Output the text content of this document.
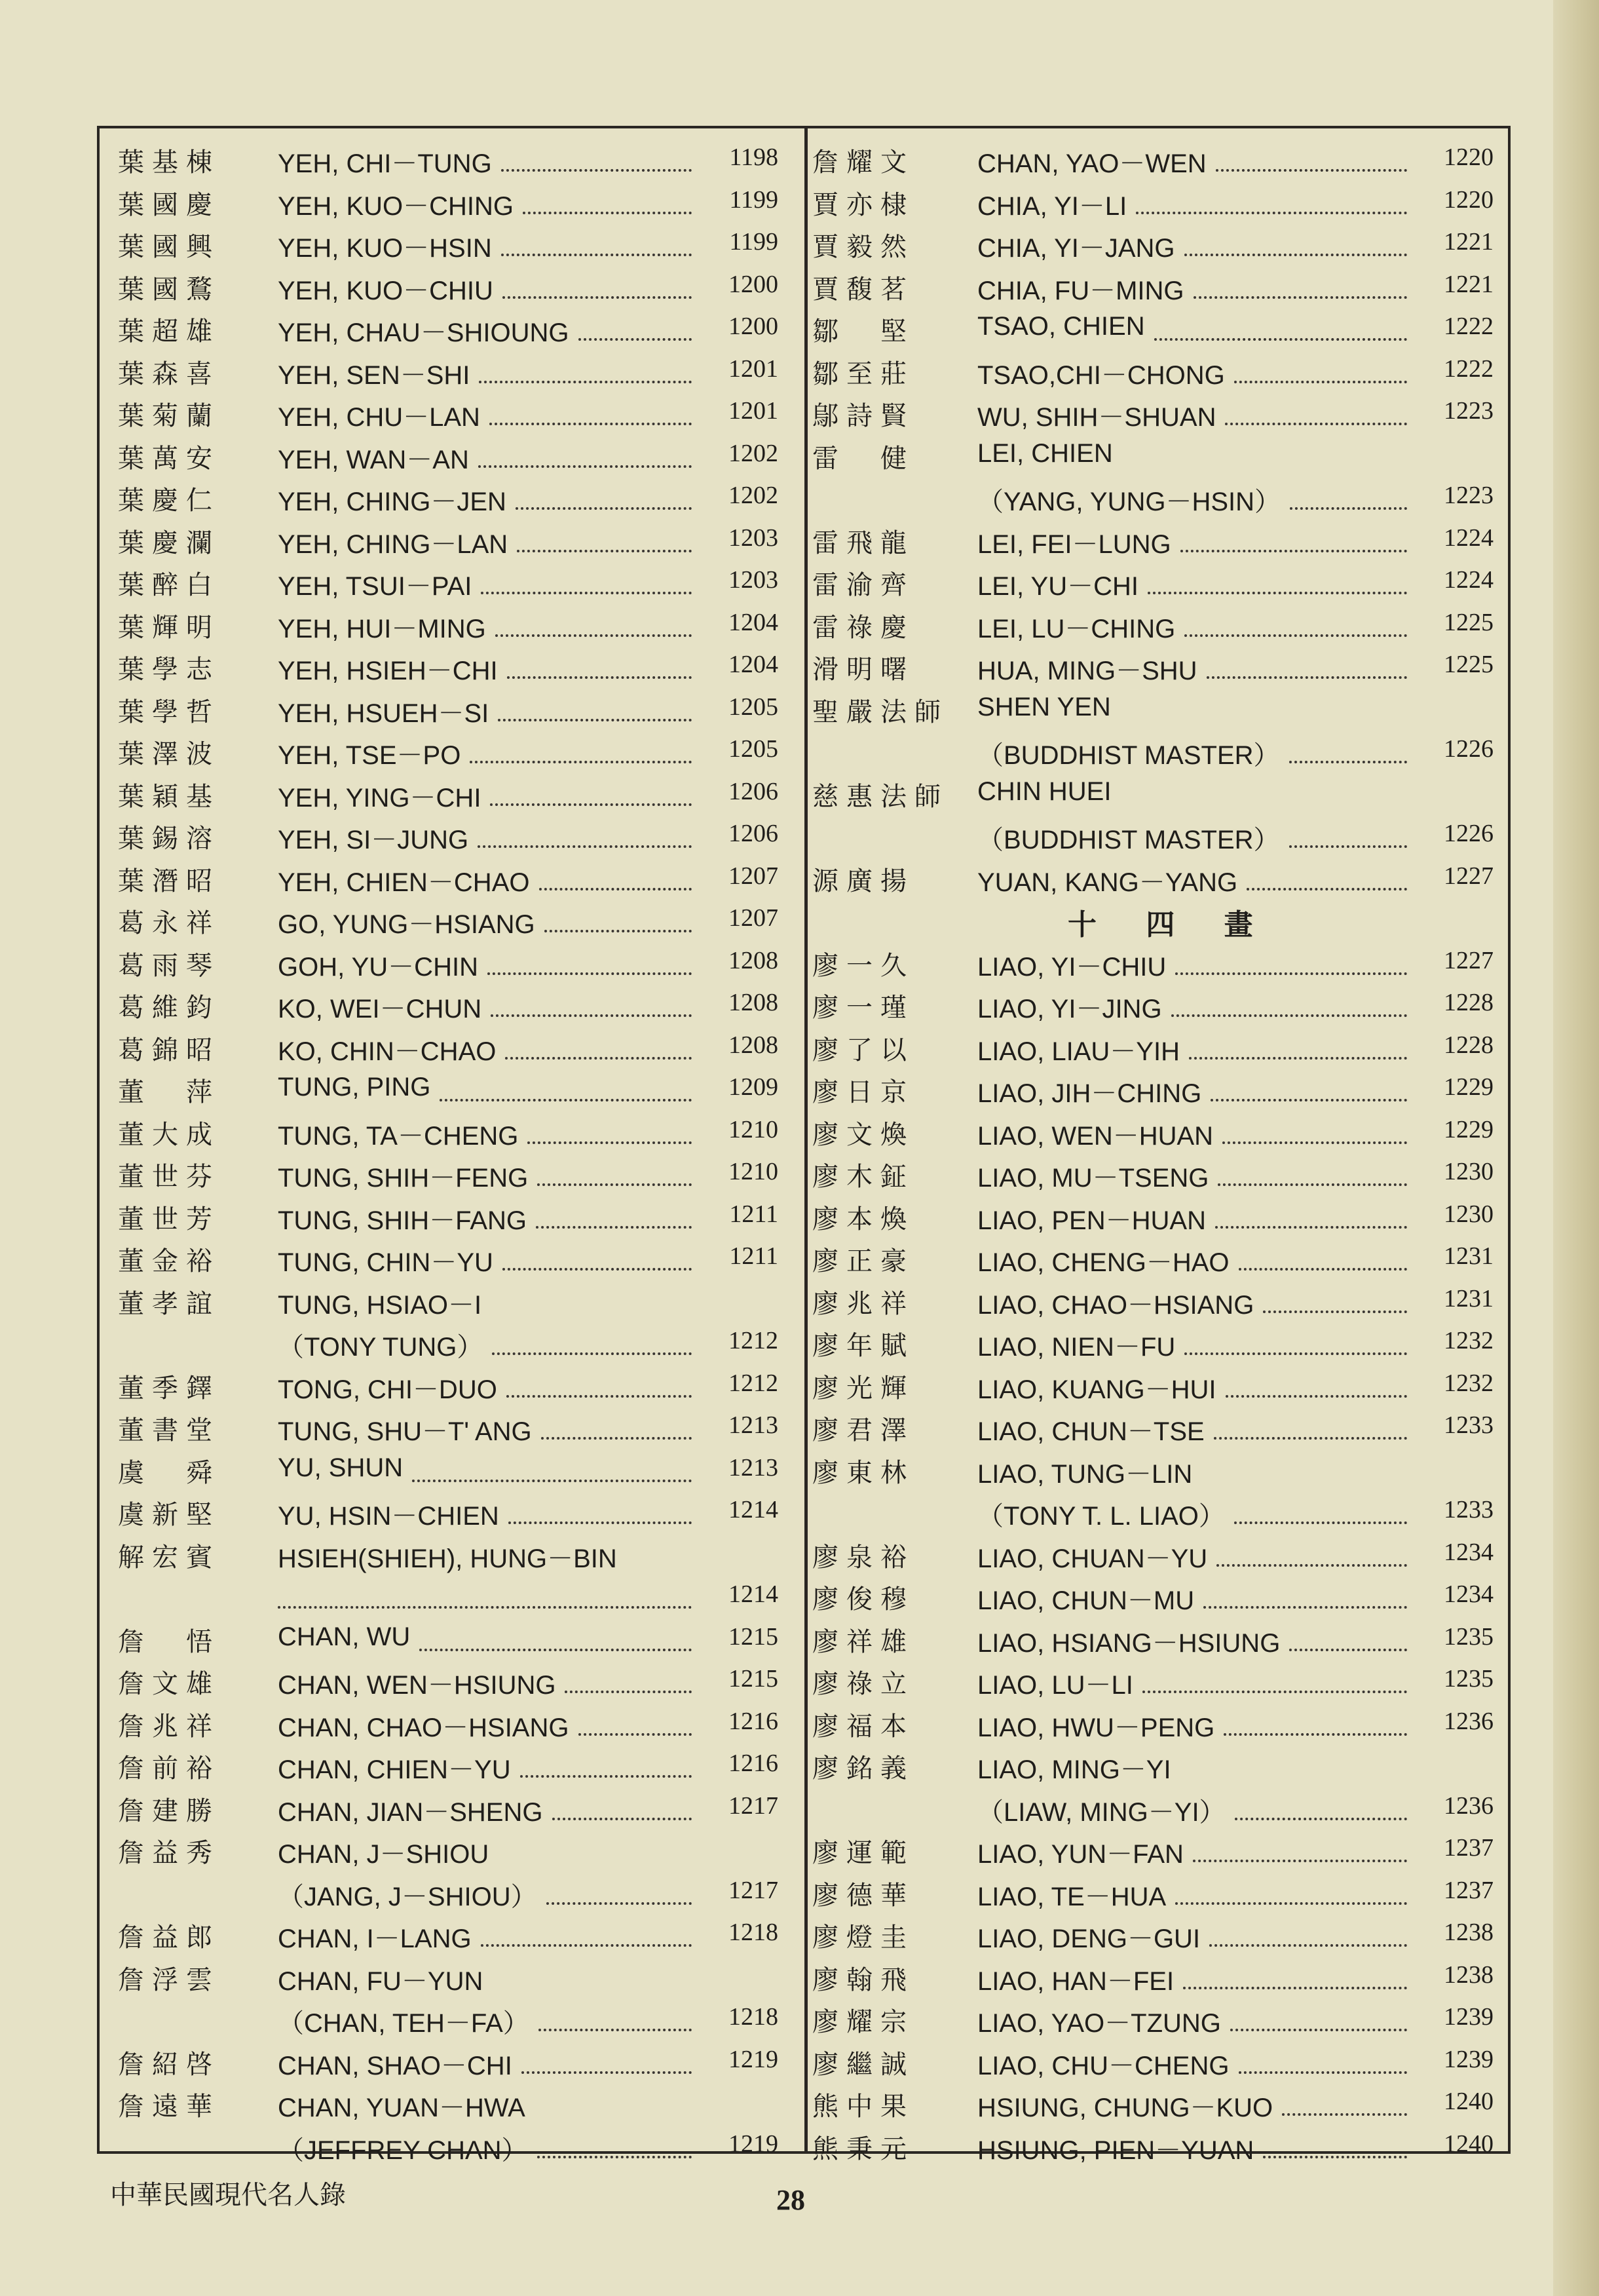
葉基棟 YEH, CHI－TUNG	1198
葉國慶 YEH, KUO－CHING	1199
葉國興 YEH, KUO－HSIN	1199
葉國鶩 YEH, KUO－CHIU	1200
葉超雄 YEH, CHAU－SHIOUNG	1200
葉森喜 YEH, SEN－SHI	1201
葉菊蘭 YEH, CHU－LAN	1201
葉萬安 YEH, WAN－AN	1202
葉慶仁 YEH, CHING－JEN	1202
葉慶瀾 YEH, CHING－LAN	1203
葉醉白 YEH, TSUI－PAI	1203
葉輝明 YEH, HUI－MING	1204
葉學志 YEH, HSIEH－CHI	1204
葉學哲 YEH, HSUEH－SI	1205
葉澤波 YEH, TSE－PO	1205
葉穎基 YEH, YING－CHI	1206
葉錫溶 YEH, SI－JUNG	1206
葉潛昭 YEH, CHIEN－CHAO	1207
葛永祥 GO, YUNG－HSIANG	1207
葛雨琴 GOH, YU－CHIN	1208
葛維鈞 KO, WEI－CHUN	1208
葛錦昭 KO, CHIN－CHAO	1208
董　萍 TUNG, PING	1209
董大成 TUNG, TA－CHENG	1210
董世芬 TUNG, SHIH－FENG	1210
董世芳 TUNG, SHIH－FANG	1211
董金裕 TUNG, CHIN－YU	1211
董孝誼 TUNG, HSIAO－I
（TONY TUNG）	1212
董季鐸 TONG, CHI－DUO	1212
董書堂 TUNG, SHU－T' ANG	1213
虞　舜 YU, SHUN	1213
虞新堅 YU, HSIN－CHIEN	1214
解宏賓 HSIEH(SHIEH), HUNG－BIN
1214
詹　悟 CHAN, WU	1215
詹文雄 CHAN, WEN－HSIUNG	1215
詹兆祥 CHAN, CHAO－HSIANG	1216
詹前裕 CHAN, CHIEN－YU	1216
詹建勝 CHAN, JIAN－SHENG	1217
詹益秀 CHAN, J－SHIOU
（JANG, J－SHIOU）	1217
詹益郎 CHAN, I－LANG	1218
詹浮雲 CHAN, FU－YUN
（CHAN, TEH－FA）	1218
詹紹啓 CHAN, SHAO－CHI	1219
詹遠華 CHAN, YUAN－HWA
（JEFFREY CHAN）	1219
詹耀文 CHAN, YAO－WEN	1220
賈亦棣 CHIA, YI－LI	1220
賈毅然 CHIA, YI－JANG	1221
賈馥茗 CHIA, FU－MING	1221
鄒　堅 TSAO, CHIEN	1222
鄒至莊 TSAO,CHI－CHONG	1222
鄔詩賢 WU, SHIH－SHUAN	1223
雷　健 LEI, CHIEN
（YANG, YUNG－HSIN）	1223
雷飛龍 LEI, FEI－LUNG	1224
雷渝齊 LEI, YU－CHI	1224
雷祿慶 LEI, LU－CHING	1225
滑明曙 HUA, MING－SHU	1225
聖嚴法師 SHEN YEN
（BUDDHIST MASTER）	1226
慈惠法師 CHIN HUEI
（BUDDHIST MASTER）	1226
源廣揚 YUAN, KANG－YANG	1227
十 四 畫
廖一久 LIAO, YI－CHIU	1227
廖一瑾 LIAO, YI－JING	1228
廖了以 LIAO, LIAU－YIH	1228
廖日京 LIAO, JIH－CHING	1229
廖文煥 LIAO, WEN－HUAN	1229
廖木鉦 LIAO, MU－TSENG	1230
廖本煥 LIAO, PEN－HUAN	1230
廖正豪 LIAO, CHENG－HAO	1231
廖兆祥 LIAO, CHAO－HSIANG	1231
廖年賦 LIAO, NIEN－FU	1232
廖光輝 LIAO, KUANG－HUI	1232
廖君澤 LIAO, CHUN－TSE	1233
廖東林 LIAO, TUNG－LIN
（TONY T. L. LIAO）	1233
廖泉裕 LIAO, CHUAN－YU	1234
廖俊穆 LIAO, CHUN－MU	1234
廖祥雄 LIAO, HSIANG－HSIUNG	1235
廖祿立 LIAO, LU－LI	1235
廖福本 LIAO, HWU－PENG	1236
廖銘義 LIAO, MING－YI
（LIAW, MING－YI）	1236
廖運範 LIAO, YUN－FAN	1237
廖德華 LIAO, TE－HUA	1237
廖燈圭 LIAO, DENG－GUI	1238
廖翰飛 LIAO, HAN－FEI	1238
廖耀宗 LIAO, YAO－TZUNG	1239
廖繼誠 LIAO, CHU－CHENG	1239
熊中果 HSIUNG, CHUNG－KUO	1240
熊秉元 HSIUNG, PIEN－YUAN	1240
中華民國現代名人錄	28
